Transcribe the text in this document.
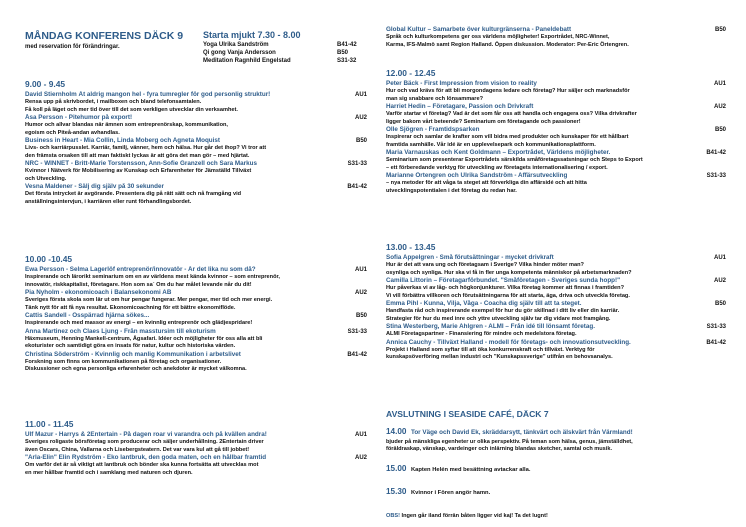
MÅNDAG KONFERENS DÄCK 9
med reservation för förändringar.
Starta mjukt 7.30 - 8.00
Yoga Ulrika Sandström	B41-42
Qi gong Vanja Andersson	B50
Meditation Ragnhild Engelstad	S31-32
9.00 - 9.45
David Stiernholm Ät aldrig mangon hel - fyra tumregler för god personlig struktur!	AU1
Rensa upp på skrivbordet, i mailboxen och bland telefonsamtalen.
Få koll på läget och mer tid över till det som verkligen utvecklar din verksamhet.
Åsa Persson - Pitehumor på export!	AU2
Humor och allvar blandas när ämnen som entreprenörskap, kommunikation,
egoism och Piteå-andan avhandlas.
Business in Heart - Mia Collin, Linda Moberg och Agneta Moquist	B50
Livs- och karriärpusslet. Karriär, familj, vänner, hem och hälsa. Hur går det ihop? Vi tror att
den främsta orsaken till att man faktiskt lyckas är att göra det man gör – med hjärtat.
NRC - WINNET - Britt-Marie Torstensson, Ann-Sofie Granzell och Sara Markus	S31-33
Kvinnor i Nätverk för Mobilisering av Kunskap och Erfarenheter för Jämställd Tillväxt
och Utveckling.
Vesna Maldener - Sälj dig själv på 30 sekunder	B41-42
Det första intrycket är avgörande. Presentera dig på rätt sätt och nå framgång vid
anställningsintervjun, i karriären eller runt förhandlingsbordet.
10.00 -10.45
Ewa Persson - Selma Lagerlöf entreprenör/innovatör - Är det lika nu som då?	AU1
Inspirerande och lärorikt seminarium om en av världens mest kända kvinnor – som entreprenör,
innovatör, riskkapitalist, företagare. Hon som sa´ Om du har målet levande når du dit!
Pia Nyholm - ekonomicoach i Balansekonomi AB	AU2
Sveriges första skola som lär ut om hur pengar fungerar. Mer pengar, mer tid och mer energi.
Tänk nytt för att få nya resultat. Ekonomicoachning för ett bättre ekonomiflöde.
Cattis Sandell - Osspärrad hjärna sökes...	B50
Inspirerande och med massor av energi – en kvinnlig entreprenör och glädjespridare!
Anna Martinez och Claes Ljung - Från masstursim till ekoturism	S31-33
Häxmuseum, Henning Mankell-centrum, Ägsafari. Idéer och möjligheter för oss alla att bli
ekoturister och samtidigt göra en insats för natur, kultur och historiska värden.
Christina Söderström - Kvinnlig och manlig Kommunikation i arbetslivet	B41-42
Forskning som finns om kommunikationen på företag och organisationer.
Diskussioner och egna personliga erfarenheter och anekdoter är mycket välkomna.
11.00 - 11.45
Ulf Mazur - Harrys & 2Entertain - På dagen roar vi varandra och på kvällen andra!	AU1
Sveriges roligaste börsföretag som producerar och säljer underhållning. 2Entertain driver
även Oscars, China, Vallarna och Lisebergsteatern. Det var vara kul att gå till jobbet!
"Arla-Elin" Elin Rydström - Eko lantbruk, den goda maten, och en hållbar framtid	AU2
Om varför det är så viktigt att lantbruk och bönder ska kunna fortsätta att utvecklas mot
en mer hållbar framtid och i samklang med naturen och djuren.
Global Kultur – Samarbete över kulturgränserna - Paneldebatt	B50
Språk och kulturkompetens ger oss världens möjligheter! Exportrådet, NRC-Winnet,
Karma, IFS-Malmö samt Region Halland. Öppen diskussion. Moderator: Per-Eric Örtengren.
12.00 - 12.45
Peter Bäck - First Impression from vision to reality	AU1
Hur och vad krävs för att bli morgondagens ledare och företag? Hur säljer och marknadsför
man sig snabbare och lönsammare?
Harriet Hedin – Företagare, Passion och Drivkraft	AU2
Varför startar vi företag? Vad är det som får oss att handla och engagera oss? Vilka drivkrafter
ligger bakom vårt beteende? Seminarium om företagande och passioner!
Olle Sjögren - Framtidspsarken	B50
Inspirerar och samlar de krafter som vill bidra med produkter och kunskaper för ett hållbart
framtida samhälle. Vår idé är en upplevelsepark och kommunikationsplattform.
Maria Varnauskas och Kent Goldmann – Exportrådet, Världens möjligheter.	B41-42
Seminarium som presenterar Exportrådets särskilda småföretagssatsningar och Steps to Export
– ett förberedande verktyg för utveckling av företagets internationalisering / export.
Marianne Örtengren och Ulrika Sandström - Affärsutveckling	S31-33
– nya metoder för att våga ta steget att förverkliga din affärsidé och att hitta
utvecklingspotentialen i det företag du redan har.
13.00 - 13.45
Sofia Appelgren - Små förutsättningar - mycket drivkraft	AU1
Hur är det att vara ung och företagsam i Sverige? Vilka hinder möter man?
osynliga och synliga. Hur ska vi få in fler unga kompetenta människor på arbetsmarknaden?
Camilla Littorin – Företagarförbundet. "Småföretagen - Sveriges sunda hopp!"	AU2
Hur påverkas vi av låg- och högkonjunkturer. Vilka företag kommer att finnas i framtiden?
Vi vill förbättra villkoren och förutsättningarna för att starta, äga, driva och utveckla företag.
Emma Pihl - Kunna, Vilja, Våga - Coacha dig själv till att ta steget.	B50
Handfasta råd och inspirerande exempel för hur du gör skillnad i ditt liv eller din karriär.
Strategier för hur du med inre och yttre utveckling själv tar dig vidare mot framgång.
Stina Westerberg, Marie Ahlgren - ALMI – Från idé till lönsamt företag.	S31-33
ALMI Företagspartner - Finansiering för mindre och medelstora företag.
Annica Cauchy - Tillväxt Halland - modell för företags- och innovationsutveckling.	B41-42
Projekt i Halland som syftar till att öka konkurrenskraft och tillväxt. Verktyg för
kunskapsöverföring mellan industri och "Kunskapssverige" utifrån en behovsanalys.
AVSLUTNING I SEASIDE CAFÉ, DÄCK 7
14.00 Tor Väge och David Ek, skräddarsytt, tänkvärt och älskvärt från Värmland!
bjuder på mänskliga egenheter ur olika perspektiv. På teman som hälsa, genus, jämställdhet,
föräldraskap, vänskap, vardeinger och inlärning blandas sketcher, samtal och musik.
15.00 Kapten Helén med besättning avtackar alla.
15.30 Kvinnor i Fören angör hamn.
OBS! Ingen går iland förrän båten ligger vid kaj! Ta det lugnt!
